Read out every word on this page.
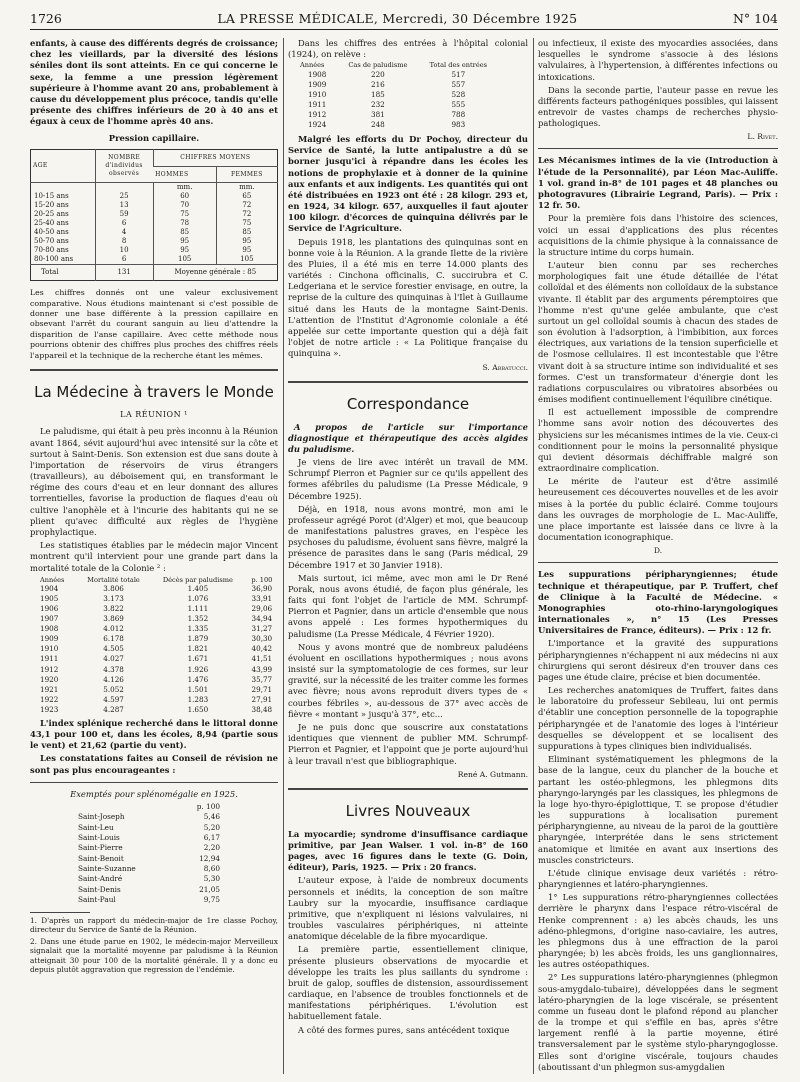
1726	LA PRESSE MÉDICALE, Mercredi, 30 Décembre 1925	N° 104

enfants, à cause des différents degrés de croissance; chez les vieillards, par la diversité des lésions séniles dont ils sont atteints. En ce qui concerne le sexe, la femme a une pression légèrement supérieure à l'homme avant 20 ans, probablement à cause du développement plus précoce, tandis qu'elle présente des chiffres inférieurs de 20 à 40 ans et égaux à ceux de l'homme après 40 ans.

Pression capillaire.

AGE	NOMBRE d'individus observés	CHIFFRES MOYENS	
		HOMMES	FEMMES
		mm.	mm.
10-15 ans	25	60	65
15-20 ans	13	70	72
20-25 ans	59	75	72
25-40 ans	6	78	75
40-50 ans	4	85	85
50-70 ans	8	95	95
70-80 ans	10	95	95
80-100 ans	6	105	105
Total	131	Moyenne générale : 85	

Les chiffres donnés ont une valeur exclusivement comparative. Nous étudions maintenant si c'est possible de donner une base différente à la pression capillaire en obsevant l'arrêt du courant sanguin au lieu d'attendre la disparition de l'anse capillaire. Avec cette méthode nous pourrions obtenir des chiffres plus proches des chiffres réels l'appareil et la technique de la recherche étant les mêmes.

La Médecine à travers le Monde
LA RÉUNION ¹

Le paludisme, qui était à peu près inconnu à la Réunion avant 1864, sévit aujourd'hui avec intensité sur la côte et surtout à Saint-Denis. Son extension est due sans doute à l'importation de réservoirs de virus étrangers (travailleurs), au déboisement qui, en transformant le régime des cours d'eau et en leur donnant des allures torrentielles, favorise la production de flaques d'eau où cultive l'anophèle et à l'incurie des habitants qui ne se plient qu'avec difficulté aux règles de l'hygiène prophylactique.

Les statistiques établies par le médecin major Vincent montrent qu'il intervient pour une grande part dans la mortalité totale de la Colonie ² :

Années	Mortalité totale	Décès par paludisme	p. 100
1904	3.806	1.405	36,90
1905	3.173	1.076	33,91
1906	3.822	1.111	29,06
1907	3.869	1.352	34,94
1908	4.012	1.335	31,27
1909	6.178	1.879	30,30
1910	4.505	1.821	40,42
1911	4.027	1.671	41,51
1912	4.378	1.926	43,99
1920	4.126	1.476	35,77
1921	5.052	1.501	29,71
1922	4.597	1.283	27,91
1923	4.287	1.650	38,48

L'index splénique recherché dans le littoral donne 43,1 pour 100 et, dans les écoles, 8,94 (partie sous le vent) et 21,62 (partie du vent).

Les constatations faites au Conseil de révision ne sont pas plus encourageantes :

Exemptés pour splénomégalie en 1925.

	p. 100
Saint-Joseph	5,46
Saint-Leu	5,20
Saint-Louis	6,17
Saint-Pierre	2,20
Saint-Benoit	12,94
Sainte-Suzanne	8,60
Saint-André	5,30
Saint-Denis	21,05
Saint-Paul	9,75

1. D'après un rapport du médecin-major de 1re classe Pochoy, directeur du Service de Santé de la Réunion.

2. Dans une étude parue en 1902, le médecin-major Merveilleux signalait que la mortalité moyenne par paludisme à la Réunion atteignait 30 pour 100 de la mortalité générale. Il y a donc eu depuis plutôt aggravation que regression de l'endémie.

Dans les chiffres des entrées à l'hôpital colonial (1924), on relève :

Années	Cas de paludisme	Total des entrées
1908	220	517
1909	216	557
1910	185	528
1911	232	555
1912	381	788
1924	248	983

Malgré les efforts du Dr Pochoy, directeur du Service de Santé, la lutte antipalustre a dû se borner jusqu'ici à répandre dans les écoles les notions de prophylaxie et à donner de la quinine aux enfants et aux indigents. Les quantités qui ont été distribuées en 1923 ont été : 28 kilogr. 293 et, en 1924, 34 kilogr. 657, auxquelles il faut ajouter 100 kilogr. d'écorces de quinquina délivrés par le Service de l'Agriculture.

Depuis 1918, les plantations des quinquinas sont en bonne voie à la Réunion. A la grande Ilette de la rivière des Pluies, il a été mis en terre 14.000 plants des variétés : Cinchona officinalis, C. succirubra et C. Ledgeriana et le service forestier envisage, en outre, la reprise de la culture des quinquinas à l'Ilet à Guillaume situé dans les Hauts de la montagne Saint-Denis. L'attention de l'Institut d'Agronomie coloniale a été appelée sur cette importante question qui a déjà fait l'objet de notre article : « La Politique française du quinquina ».

S. Abbatucci.

Correspondance

A propos de l'article sur l'importance diagnostique et thérapeutique des accès algides du paludisme.

Je viens de lire avec intérêt un travail de MM. Schrumpf Pierron et Pagnier sur ce qu'ils appellent des formes afébriles du paludisme (La Presse Médicale, 9 Décembre 1925).

Déjà, en 1918, nous avons montré, mon ami le professeur agrégé Porot (d'Alger) et moi, que beaucoup de manifestations palustres graves, en l'espèce les psychoses du paludisme, évoluent sans fièvre, malgré la présence de parasites dans le sang (Paris médical, 29 Décembre 1917 et 30 Janvier 1918).

Mais surtout, ici même, avec mon ami le Dr René Porak, nous avons étudié, de façon plus générale, les faits qui font l'objet de l'article de MM. Schrumpf-Pierron et Pagnier, dans un article d'ensemble que nous avons appelé : Les formes hypothermiques du paludisme (La Presse Médicale, 4 Février 1920).

Nous y avons montré que de nombreux paludéens évoluent en oscillations hypothermiques ; nous avons insisté sur la symptomatologie de ces formes, sur leur gravité, sur la nécessité de les traiter comme les formes avec fièvre; nous avons reproduit divers types de « courbes fébriles », au-dessous de 37° avec accès de fièvre « montant » jusqu'à 37°, etc...

Je ne puis donc que souscrire aux constatations identiques que viennent de publier MM. Schrumpf-Pierron et Pagnier, et l'appoint que je porte aujourd'hui à leur travail n'est que bibliographique.

René A. Gutmann.

Livres Nouveaux

La myocardie; syndrome d'insuffisance cardiaque primitive, par Jean Walser. 1 vol. in-8° de 160 pages, avec 16 figures dans le texte (G. Doin, éditeur), Paris, 1925. — Prix : 20 francs.

L'auteur expose, à l'aide de nombreux documents personnels et inédits, la conception de son maître Laubry sur la myocardie, insuffisance cardiaque primitive, que n'expliquent ni lésions valvulaires, ni troubles vasculaires périphériques, ni atteinte anatomique décelable de la fibre myocardique.

La première partie, essentiellement clinique, présente plusieurs observations de myocardie et développe les traits les plus saillants du syndrome : bruit de galop, souffles de distension, assourdissement cardiaque, en l'absence de troubles fonctionnels et de manifestations périphériques. L'évolution est habituellement fatale.

A côté des formes pures, sans antécédent toxique

ou infectieux, il existe des myocardies associées, dans lesquelles le syndrome s'associe à des lésions valvulaires, à l'hypertension, à différentes infections ou intoxications.

Dans la seconde partie, l'auteur passe en revue les différents facteurs pathogéniques possibles, qui laissent entrevoir de vastes champs de recherches physio-pathologiques.

L. Rivet.

Les Mécanismes intimes de la vie (Introduction à l'étude de la Personnalité), par Léon Mac-Auliffe. 1 vol. grand in-8° de 101 pages et 48 planches ou photogravures (Librairie Legrand, Paris). — Prix : 12 fr. 50.

Pour la première fois dans l'histoire des sciences, voici un essai d'applications des plus récentes acquisitions de la chimie physique à la connaissance de la structure intime du corps humain.

L'auteur bien connu par ses recherches morphologiques fait une étude détaillée de l'état colloïdal et des éléments non colloïdaux de la substance vivante. Il établit par des arguments péremptoires que l'homme n'est qu'une gelée ambulante, que c'est surtout un gel colloïdal soumis à chacun des stades de son évolution à l'adsorption, à l'imbibition, aux forces électriques, aux variations de la tension superficielle et de l'osmose cellulaires. Il est incontestable que l'être vivant doit à sa structure intime son individualité et ses formes. C'est un transformateur d'énergie dont les radiations corpusculaires ou vibratoires absorbées ou émises modifient continuellement l'équilibre cinétique.

Il est actuellement impossible de comprendre l'homme sans avoir notion des découvertes des physiciens sur les mécanismes intimes de la vie. Ceux-ci conditionnent pour le moins la personnalité physique qui devient désormais déchiffrable malgré son extraordinaire complication.

Le mérite de l'auteur est d'être assimilé heureusement ces découvertes nouvelles et de les avoir mises à la portée du public éclairé. Comme toujours dans les ouvrages de morphologie de L. Mac-Auliffe, une place importante est laissée dans ce livre à la documentation iconographique.

D.

Les suppurations péripharyngiennes; étude technique et thérapeutique, par P. Truffert, chef de Clinique à la Faculté de Médecine. « Monographies oto-rhino-laryngologiques internationales », n° 15 (Les Presses Universitaires de France, éditeurs). — Prix : 12 fr.

L'importance et la gravité des suppurations péripharyngiennes n'échappent ni aux médecins ni aux chirurgiens qui seront désireux d'en trouver dans ces pages une étude claire, précise et bien documentée.

Les recherches anatomiques de Truffert, faites dans le laboratoire du professeur Sebileau, lui ont permis d'établir une conception personnelle de la topographie péripharyngée et de l'anatomie des loges à l'intérieur desquelles se développent et se localisent des suppurations à types cliniques bien individualisés.

Eliminant systématiquement les phlegmons de la base de la langue, ceux du plancher de la bouche et partant les ostéo-phlegmons, les phlegmons dits pharyngo-laryngés par les classiques, les phlegmons de la loge hyo-thyro-épiglottique, T. se propose d'étudier les suppurations à localisation purement péripharyngienne, au niveau de la paroi de la gouttière pharyngée, interprétée dans le sens strictement anatomique et limitée en avant aux insertions des muscles constricteurs.

L'étude clinique envisage deux variétés : rétro-pharyngiennes et latéro-pharyngiennes.

1° Les suppurations rétro-pharyngiennes collectées derrière le pharynx dans l'espace rétro-viscéral de Henke comprennent : a) les abcès chauds, les uns adéno-phlegmons, d'origine naso-caviaire, les autres, les phlegmons dus à une effraction de la paroi pharyngée; b) les abcès froids, les uns ganglionnaires, les autres ostéopathiques.

2° Les suppurations latéro-pharyngiennes (phlegmon sous-amygdalo-tubaire), développées dans le segment latéro-pharyngien de la loge viscérale, se présentent comme un fuseau dont le plafond répond au plancher de la trompe et qui s'effile en bas, après s'être largement renflé à la partie moyenne, étiré transversalement par le système stylo-pharyngoglosse. Elles sont d'origine viscérale, toujours chaudes (aboutissant d'un phlegmon sus-amygdalien
